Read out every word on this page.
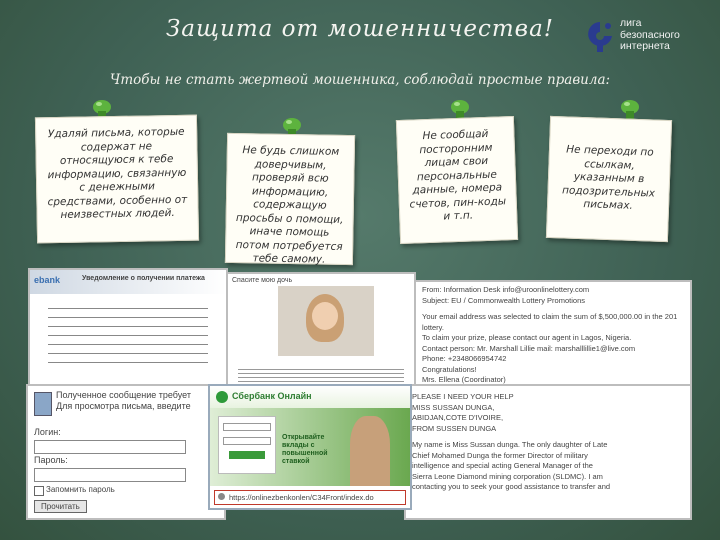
Защита от мошенничества!
Чтобы не стать жертвой мошенника, соблюдай простые правила:
лига
безопасного
интернета
Удаляй письма, которые содержат не относящуюся к тебе информацию, связанную с денежными средствами, особенно от неизвестных людей.
Не будь слишком доверчивым, проверяй всю информацию, содержащую просьбы о помощи, иначе помощь потом потребуется тебе самому.
Не сообщай посторонним лицам свои персональные данные, номера счетов, пин-коды и т.п.
Не переходи по ссылкам, указанным в подозрительных письмах.
ebank	Уведомление о получении платежа	Спасите мою дочь
From: Information Desk info@uroonlinelottery.com
Subject: EU / Commonwealth Lottery Promotions
Your email address was selected to claim the sum of $,500,000.00 in the 201
lottery.
To claim your prize, please contact our agent in Lagos, Nigeria.
Contact person: Mr. Marshall Lillie mail: marshalllillie1@live.com
Phone: +2348066954742
Congratulations!
Mrs. Ellena (Coordinator)
Полученное сообщение требует
Для просмотра письма, введите
Логин:
Пароль:
Запомнить пароль
Прочитать
PLEASE I NEED YOUR HELP
MISS SUSSAN DUNGA,
ABIDJAN,COTE D'IVOIRE,
FROM SUSSEN DUNGA
My name is Miss Sussan dunga. The only daughter of Late
Chief Mohamed Dunga the former Director of military
intelligence and special acting General Manager of the
Sierra Leone Diamond mining corporation (SLDMC). I am
contacting you to seek your good assistance to transfer and
Сбербанк Онлайн
Открывайте вклады с повышенной ставкой
https://onlinezbenkonlen/C34Front/index.do
